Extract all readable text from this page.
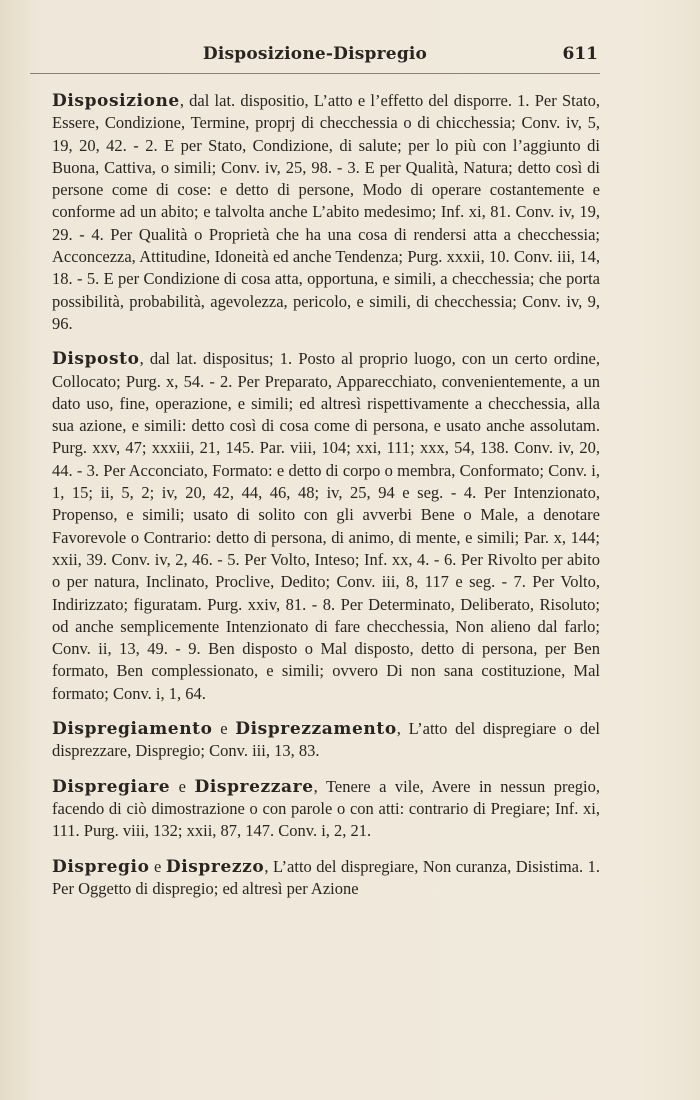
Disposizione-Dispregio	611

Disposizione, dal lat. dispositio, L’atto e l’effetto del disporre. 1. Per Stato, Essere, Condizione, Termine, proprj di checchessia o di chicchessia; Conv. iv, 5, 19, 20, 42. - 2. E per Stato, Condizione, di salute; per lo più con l’aggiunto di Buona, Cattiva, o simili; Conv. iv, 25, 98. - 3. E per Qualità, Natura; detto così di persone come di cose: e detto di persone, Modo di operare costantemente e conforme ad un abito; e talvolta anche L’abito medesimo; Inf. xi, 81. Conv. iv, 19, 29. - 4. Per Qualità o Proprietà che ha una cosa di rendersi atta a checchessia; Acconcezza, Attitudine, Idoneità ed anche Tendenza; Purg. xxxii, 10. Conv. iii, 14, 18. - 5. E per Condizione di cosa atta, opportuna, e simili, a checchessia; che porta possibilità, probabilità, agevolezza, pericolo, e simili, di checchessia; Conv. iv, 9, 96.

Disposto, dal lat. dispositus; 1. Posto al proprio luogo, con un certo ordine, Collocato; Purg. x, 54. - 2. Per Preparato, Apparecchiato, convenientemente, a un dato uso, fine, operazione, e simili; ed altresì rispettivamente a checchessia, alla sua azione, e simili: detto così di cosa come di persona, e usato anche assolutam. Purg. xxv, 47; xxxiii, 21, 145. Par. viii, 104; xxi, 111; xxx, 54, 138. Conv. iv, 20, 44. - 3. Per Acconciato, Formato: e detto di corpo o membra, Conformato; Conv. i, 1, 15; ii, 5, 2; iv, 20, 42, 44, 46, 48; iv, 25, 94 e seg. - 4. Per Intenzionato, Propenso, e simili; usato di solito con gli avverbi Bene o Male, a denotare Favorevole o Contrario: detto di persona, di animo, di mente, e simili; Par. x, 144; xxii, 39. Conv. iv, 2, 46. - 5. Per Volto, Inteso; Inf. xx, 4. - 6. Per Rivolto per abito o per natura, Inclinato, Proclive, Dedito; Conv. iii, 8, 117 e seg. - 7. Per Volto, Indirizzato; figuratam. Purg. xxiv, 81. - 8. Per Determinato, Deliberato, Risoluto; od anche semplicemente Intenzionato di fare checchessia, Non alieno dal farlo; Conv. ii, 13, 49. - 9. Ben disposto o Mal disposto, detto di persona, per Ben formato, Ben complessionato, e simili; ovvero Di non sana costituzione, Mal formato; Conv. i, 1, 64.

Dispregiamento e Disprezzamento, L’atto del dispregiare o del disprezzare, Dispregio; Conv. iii, 13, 83.

Dispregiare e Disprezzare, Tenere a vile, Avere in nessun pregio, facendo di ciò dimostrazione o con parole o con atti: contrario di Pregiare; Inf. xi, 111. Purg. viii, 132; xxii, 87, 147. Conv. i, 2, 21.

Dispregio e Disprezzo, L’atto del dispregiare, Non curanza, Disistima. 1. Per Oggetto di dispregio; ed altresì per Azione
